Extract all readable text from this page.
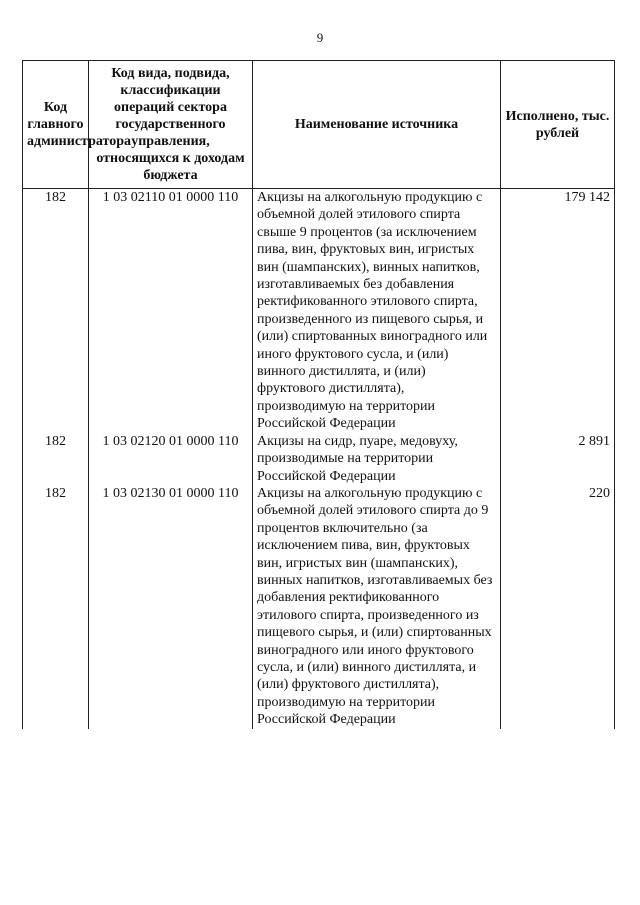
9
Код главного администратора	Код вида, подвида, классификации операций сектора государственного управления, относящихся к доходам бюджета	Наименование источника	Исполнено, тыс. рублей
182	1 03 02110 01 0000 110	Акцизы на алкогольную продукцию с объемной долей этилового спирта свыше 9 процентов (за исключением пива, вин, фруктовых вин, игристых вин (шампанских), винных напитков, изготавливаемых без добавления ректификованного этилового спирта, произведенного из пищевого сырья, и (или) спиртованных виноградного или иного фруктового сусла, и (или) винного дистиллята, и (или) фруктового дистиллята), производимую на территории Российской Федерации	179 142
182	1 03 02120 01 0000 110	Акцизы на сидр, пуаре, медовуху, производимые на территории Российской Федерации	2 891
182	1 03 02130 01 0000 110	Акцизы на алкогольную продукцию с объемной долей этилового спирта до 9 процентов включительно (за исключением пива, вин, фруктовых вин, игристых вин (шампанских), винных напитков, изготавливаемых без добавления ректификованного этилового спирта, произведенного из пищевого сырья, и (или) спиртованных виноградного или иного фруктового сусла, и (или) винного дистиллята, и (или) фруктового дистиллята), производимую на территории Российской Федерации	220
